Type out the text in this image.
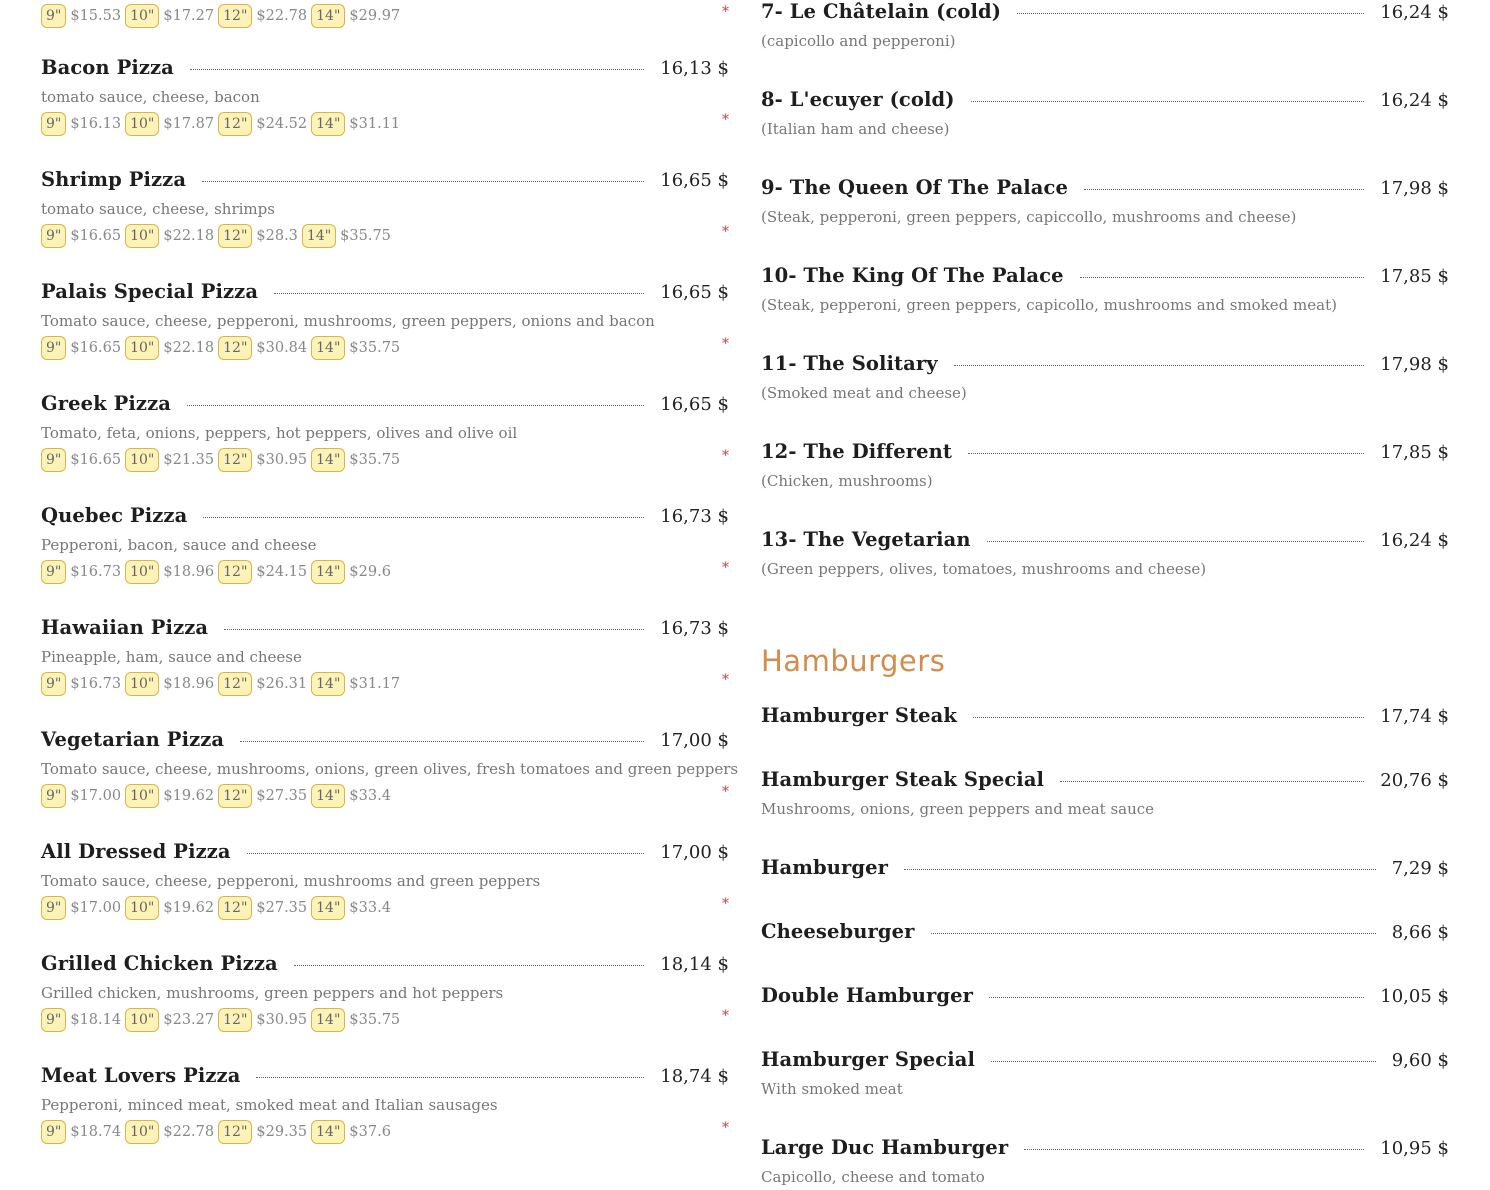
9" $15.53 10" $17.27 12" $22.78 14" $29.97	*
Bacon Pizza	16,13 $
tomato sauce, cheese, bacon
9" $16.13 10" $17.87 12" $24.52 14" $31.11	*
Shrimp Pizza	16,65 $
tomato sauce, cheese, shrimps
9" $16.65 10" $22.18 12" $28.3 14" $35.75	*
Palais Special Pizza	16,65 $
Tomato sauce, cheese, pepperoni, mushrooms, green peppers, onions and bacon
9" $16.65 10" $22.18 12" $30.84 14" $35.75	*
Greek Pizza	16,65 $
Tomato, feta, onions, peppers, hot peppers, olives and olive oil
9" $16.65 10" $21.35 12" $30.95 14" $35.75	*
Quebec Pizza	16,73 $
Pepperoni, bacon, sauce and cheese
9" $16.73 10" $18.96 12" $24.15 14" $29.6	*
Hawaiian Pizza	16,73 $
Pineapple, ham, sauce and cheese
9" $16.73 10" $18.96 12" $26.31 14" $31.17	*
Vegetarian Pizza	17,00 $
Tomato sauce, cheese, mushrooms, onions, green olives, fresh tomatoes and green peppers
9" $17.00 10" $19.62 12" $27.35 14" $33.4	*
All Dressed Pizza	17,00 $
Tomato sauce, cheese, pepperoni, mushrooms and green peppers
9" $17.00 10" $19.62 12" $27.35 14" $33.4	*
Grilled Chicken Pizza	18,14 $
Grilled chicken, mushrooms, green peppers and hot peppers
9" $18.14 10" $23.27 12" $30.95 14" $35.75	*
Meat Lovers Pizza	18,74 $
Pepperoni, minced meat, smoked meat and Italian sausages
9" $18.74 10" $22.78 12" $29.35 14" $37.6	*
7- Le Châtelain (cold)	16,24 $
(capicollo and pepperoni)
8- L'ecuyer (cold)	16,24 $
(Italian ham and cheese)
9- The Queen Of The Palace	17,98 $
(Steak, pepperoni, green peppers, capiccollo, mushrooms and cheese)
10- The King Of The Palace	17,85 $
(Steak, pepperoni, green peppers, capicollo, mushrooms and smoked meat)
11- The Solitary	17,98 $
(Smoked meat and cheese)
12- The Different	17,85 $
(Chicken, mushrooms)
13- The Vegetarian	16,24 $
(Green peppers, olives, tomatoes, mushrooms and cheese)
Hamburgers
Hamburger Steak	17,74 $
Hamburger Steak Special	20,76 $
Mushrooms, onions, green peppers and meat sauce
Hamburger	7,29 $
Cheeseburger	8,66 $
Double Hamburger	10,05 $
Hamburger Special	9,60 $
With smoked meat
Large Duc Hamburger	10,95 $
Capicollo, cheese and tomato
